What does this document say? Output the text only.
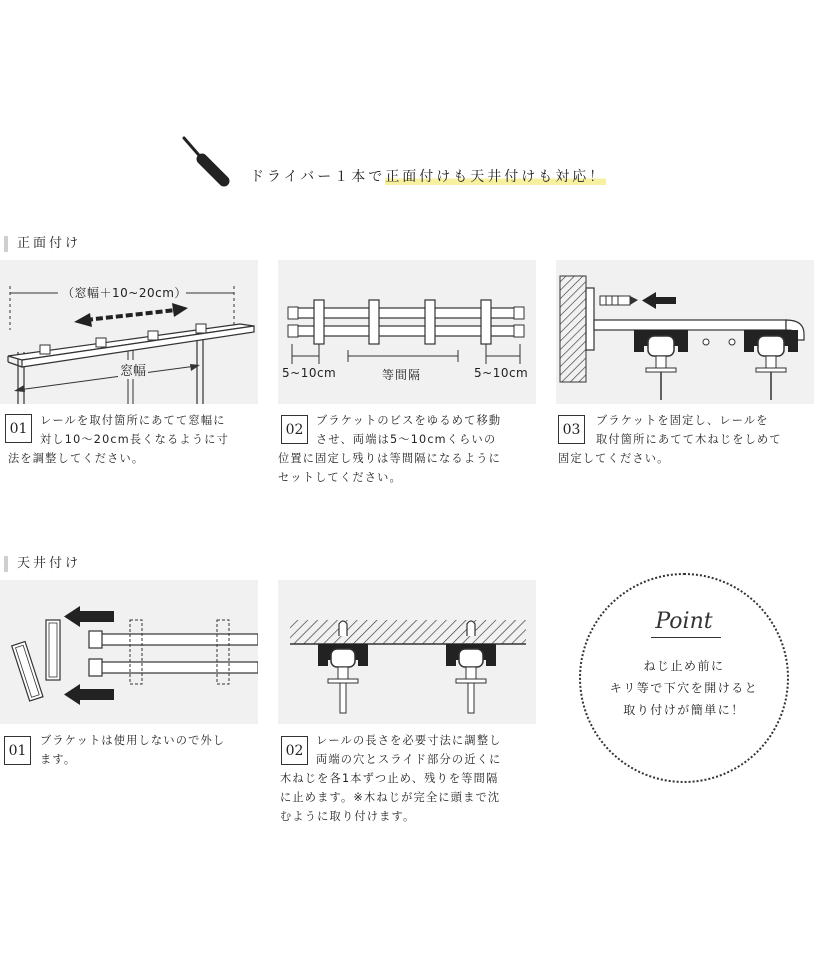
ドライバー１本で正面付けも天井付けも対応！
正面付け
（窓幅＋10~20cm）
窓幅	5~10cm	等間隔	5~10cm
01	レールを取付箇所にあてて窓幅に
対し10～20cm長くなるように寸
法を調整してください。
02
ブラケットのビスをゆるめて移動
させ、両端は5～10cmくらいの
位置に固定し残りは等間隔になるように
セットしてください。
03
ブラケットを固定し、レールを
取付箇所にあてて木ねじをしめて
固定してください。
天井付け
01
ブラケットは使用しないので外し
ます。
02
レールの長さを必要寸法に調整し
両端の穴とスライド部分の近くに
木ねじを各1本ずつ止め、残りを等間隔
に止めます。※木ねじが完全に頭まで沈
むように取り付けます。
Point
ねじ止め前に
キリ等で下穴を開けると
取り付けが簡単に！
